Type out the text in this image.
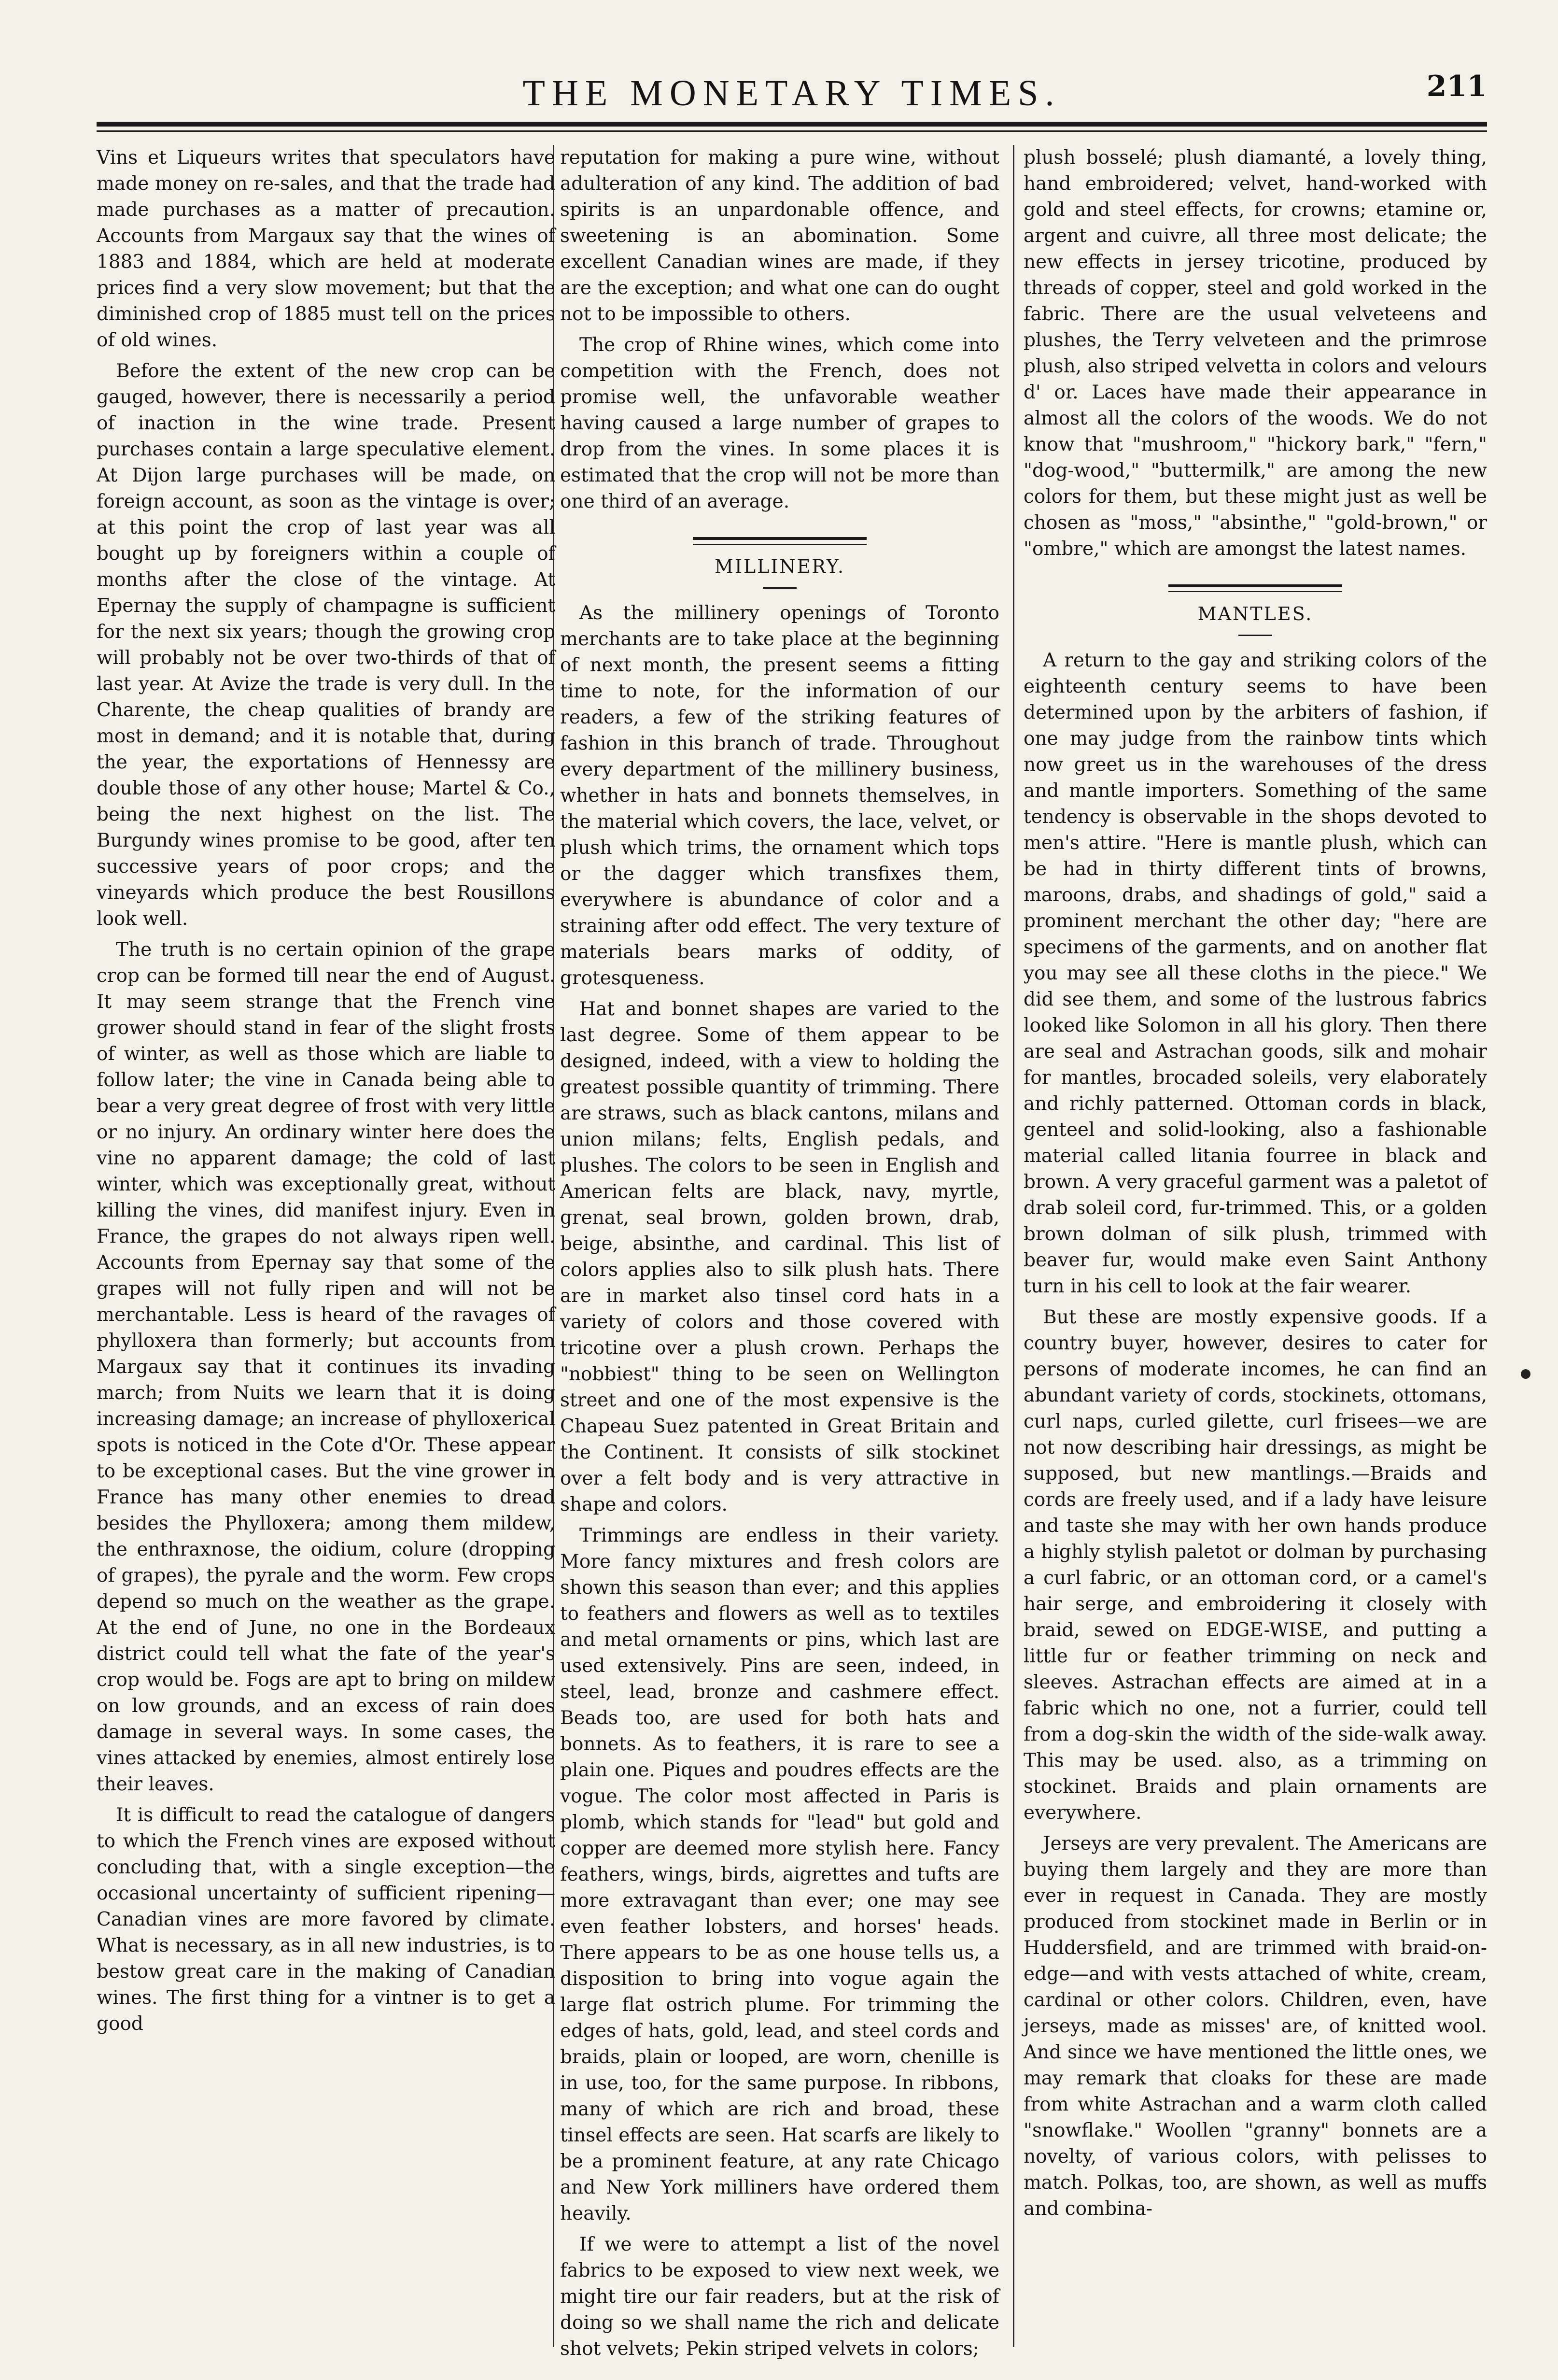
THE MONETARY TIMES.	211

Vins et Liqueurs writes that speculators have made money on re-sales, and that the trade had made purchases as a matter of precaution. Accounts from Margaux say that the wines of 1883 and 1884, which are held at moderate prices find a very slow movement; but that the diminished crop of 1885 must tell on the prices of old wines.

Before the extent of the new crop can be gauged, however, there is necessarily a period of inaction in the wine trade. Present purchases contain a large speculative element. At Dijon large purchases will be made, on foreign account, as soon as the vintage is over; at this point the crop of last year was all bought up by foreigners within a couple of months after the close of the vintage. At Epernay the supply of champagne is sufficient for the next six years; though the growing crop will probably not be over two-thirds of that of last year. At Avize the trade is very dull. In the Charente, the cheap qualities of brandy are most in demand; and it is notable that, during the year, the exportations of Hennessy are double those of any other house; Martel & Co., being the next highest on the list. The Burgundy wines promise to be good, after ten successive years of poor crops; and the vineyards which produce the best Rousillons look well.

The truth is no certain opinion of the grape crop can be formed till near the end of August. It may seem strange that the French vine grower should stand in fear of the slight frosts of winter, as well as those which are liable to follow later; the vine in Canada being able to bear a very great degree of frost with very little or no injury. An ordinary winter here does the vine no apparent damage; the cold of last winter, which was exceptionally great, without killing the vines, did manifest injury. Even in France, the grapes do not always ripen well. Accounts from Epernay say that some of the grapes will not fully ripen and will not be merchantable. Less is heard of the ravages of phylloxera than formerly; but accounts from Margaux say that it continues its invading march; from Nuits we learn that it is doing increasing damage; an increase of phylloxerical spots is noticed in the Cote d'Or. These appear to be exceptional cases. But the vine grower in France has many other enemies to dread besides the Phylloxera; among them mildew, the enthraxnose, the oidium, colure (dropping of grapes), the pyrale and the worm. Few crops depend so much on the weather as the grape. At the end of June, no one in the Bordeaux district could tell what the fate of the year's crop would be. Fogs are apt to bring on mildew on low grounds, and an excess of rain does damage in several ways. In some cases, the vines attacked by enemies, almost entirely lose their leaves.

It is difficult to read the catalogue of dangers to which the French vines are exposed without concluding that, with a single exception—the occasional uncertainty of sufficient ripening—Canadian vines are more favored by climate. What is necessary, as in all new industries, is to bestow great care in the making of Canadian wines. The first thing for a vintner is to get a good

reputation for making a pure wine, without adulteration of any kind. The addition of bad spirits is an unpardonable offence, and sweetening is an abomination. Some excellent Canadian wines are made, if they are the exception; and what one can do ought not to be impossible to others.

The crop of Rhine wines, which come into competition with the French, does not promise well, the unfavorable weather having caused a large number of grapes to drop from the vines. In some places it is estimated that the crop will not be more than one third of an average.

MILLINERY.

As the millinery openings of Toronto merchants are to take place at the beginning of next month, the present seems a fitting time to note, for the information of our readers, a few of the striking features of fashion in this branch of trade. Throughout every department of the millinery business, whether in hats and bonnets themselves, in the material which covers, the lace, velvet, or plush which trims, the ornament which tops or the dagger which transfixes them, everywhere is abundance of color and a straining after odd effect. The very texture of materials bears marks of oddity, of grotesqueness.

Hat and bonnet shapes are varied to the last degree. Some of them appear to be designed, indeed, with a view to holding the greatest possible quantity of trimming. There are straws, such as black cantons, milans and union milans; felts, English pedals, and plushes. The colors to be seen in English and American felts are black, navy, myrtle, grenat, seal brown, golden brown, drab, beige, absinthe, and cardinal. This list of colors applies also to silk plush hats. There are in market also tinsel cord hats in a variety of colors and those covered with tricotine over a plush crown. Perhaps the "nobbiest" thing to be seen on Wellington street and one of the most expensive is the Chapeau Suez patented in Great Britain and the Continent. It consists of silk stockinet over a felt body and is very attractive in shape and colors.

Trimmings are endless in their variety. More fancy mixtures and fresh colors are shown this season than ever; and this applies to feathers and flowers as well as to textiles and metal ornaments or pins, which last are used extensively. Pins are seen, indeed, in steel, lead, bronze and cashmere effect. Beads too, are used for both hats and bonnets. As to feathers, it is rare to see a plain one. Piques and poudres effects are the vogue. The color most affected in Paris is plomb, which stands for "lead" but gold and copper are deemed more stylish here. Fancy feathers, wings, birds, aigrettes and tufts are more extravagant than ever; one may see even feather lobsters, and horses' heads. There appears to be as one house tells us, a disposition to bring into vogue again the large flat ostrich plume. For trimming the edges of hats, gold, lead, and steel cords and braids, plain or looped, are worn, chenille is in use, too, for the same purpose. In ribbons, many of which are rich and broad, these tinsel effects are seen. Hat scarfs are likely to be a prominent feature, at any rate Chicago and New York milliners have ordered them heavily.

If we were to attempt a list of the novel fabrics to be exposed to view next week, we might tire our fair readers, but at the risk of doing so we shall name the rich and delicate shot velvets; Pekin striped velvets in colors;

plush bosselé; plush diamanté, a lovely thing, hand embroidered; velvet, hand-worked with gold and steel effects, for crowns; etamine or, argent and cuivre, all three most delicate; the new effects in jersey tricotine, produced by threads of copper, steel and gold worked in the fabric. There are the usual velveteens and plushes, the Terry velveteen and the primrose plush, also striped velvetta in colors and velours d' or. Laces have made their appearance in almost all the colors of the woods. We do not know that "mushroom," "hickory bark," "fern," "dog-wood," "buttermilk," are among the new colors for them, but these might just as well be chosen as "moss," "absinthe," "gold-brown," or "ombre," which are amongst the latest names.

MANTLES.

A return to the gay and striking colors of the eighteenth century seems to have been determined upon by the arbiters of fashion, if one may judge from the rainbow tints which now greet us in the warehouses of the dress and mantle importers. Something of the same tendency is observable in the shops devoted to men's attire. "Here is mantle plush, which can be had in thirty different tints of browns, maroons, drabs, and shadings of gold," said a prominent merchant the other day; "here are specimens of the garments, and on another flat you may see all these cloths in the piece." We did see them, and some of the lustrous fabrics looked like Solomon in all his glory. Then there are seal and Astrachan goods, silk and mohair for mantles, brocaded soleils, very elaborately and richly patterned. Ottoman cords in black, genteel and solid-looking, also a fashionable material called litania fourree in black and brown. A very graceful garment was a paletot of drab soleil cord, fur-trimmed. This, or a golden brown dolman of silk plush, trimmed with beaver fur, would make even Saint Anthony turn in his cell to look at the fair wearer.

But these are mostly expensive goods. If a country buyer, however, desires to cater for persons of moderate incomes, he can find an abundant variety of cords, stockinets, ottomans, curl naps, curled gilette, curl frisees—we are not now describing hair dressings, as might be supposed, but new mantlings.—Braids and cords are freely used, and if a lady have leisure and taste she may with her own hands produce a highly stylish paletot or dolman by purchasing a curl fabric, or an ottoman cord, or a camel's hair serge, and embroidering it closely with braid, sewed on EDGE-WISE, and putting a little fur or feather trimming on neck and sleeves. Astrachan effects are aimed at in a fabric which no one, not a furrier, could tell from a dog-skin the width of the side-walk away. This may be used. also, as a trimming on stockinet. Braids and plain ornaments are everywhere.

Jerseys are very prevalent. The Americans are buying them largely and they are more than ever in request in Canada. They are mostly produced from stockinet made in Berlin or in Huddersfield, and are trimmed with braid-on-edge—and with vests attached of white, cream, cardinal or other colors. Children, even, have jerseys, made as misses' are, of knitted wool. And since we have mentioned the little ones, we may remark that cloaks for these are made from white Astrachan and a warm cloth called "snowflake." Woollen "granny" bonnets are a novelty, of various colors, with pelisses to match. Polkas, too, are shown, as well as muffs and combina-
